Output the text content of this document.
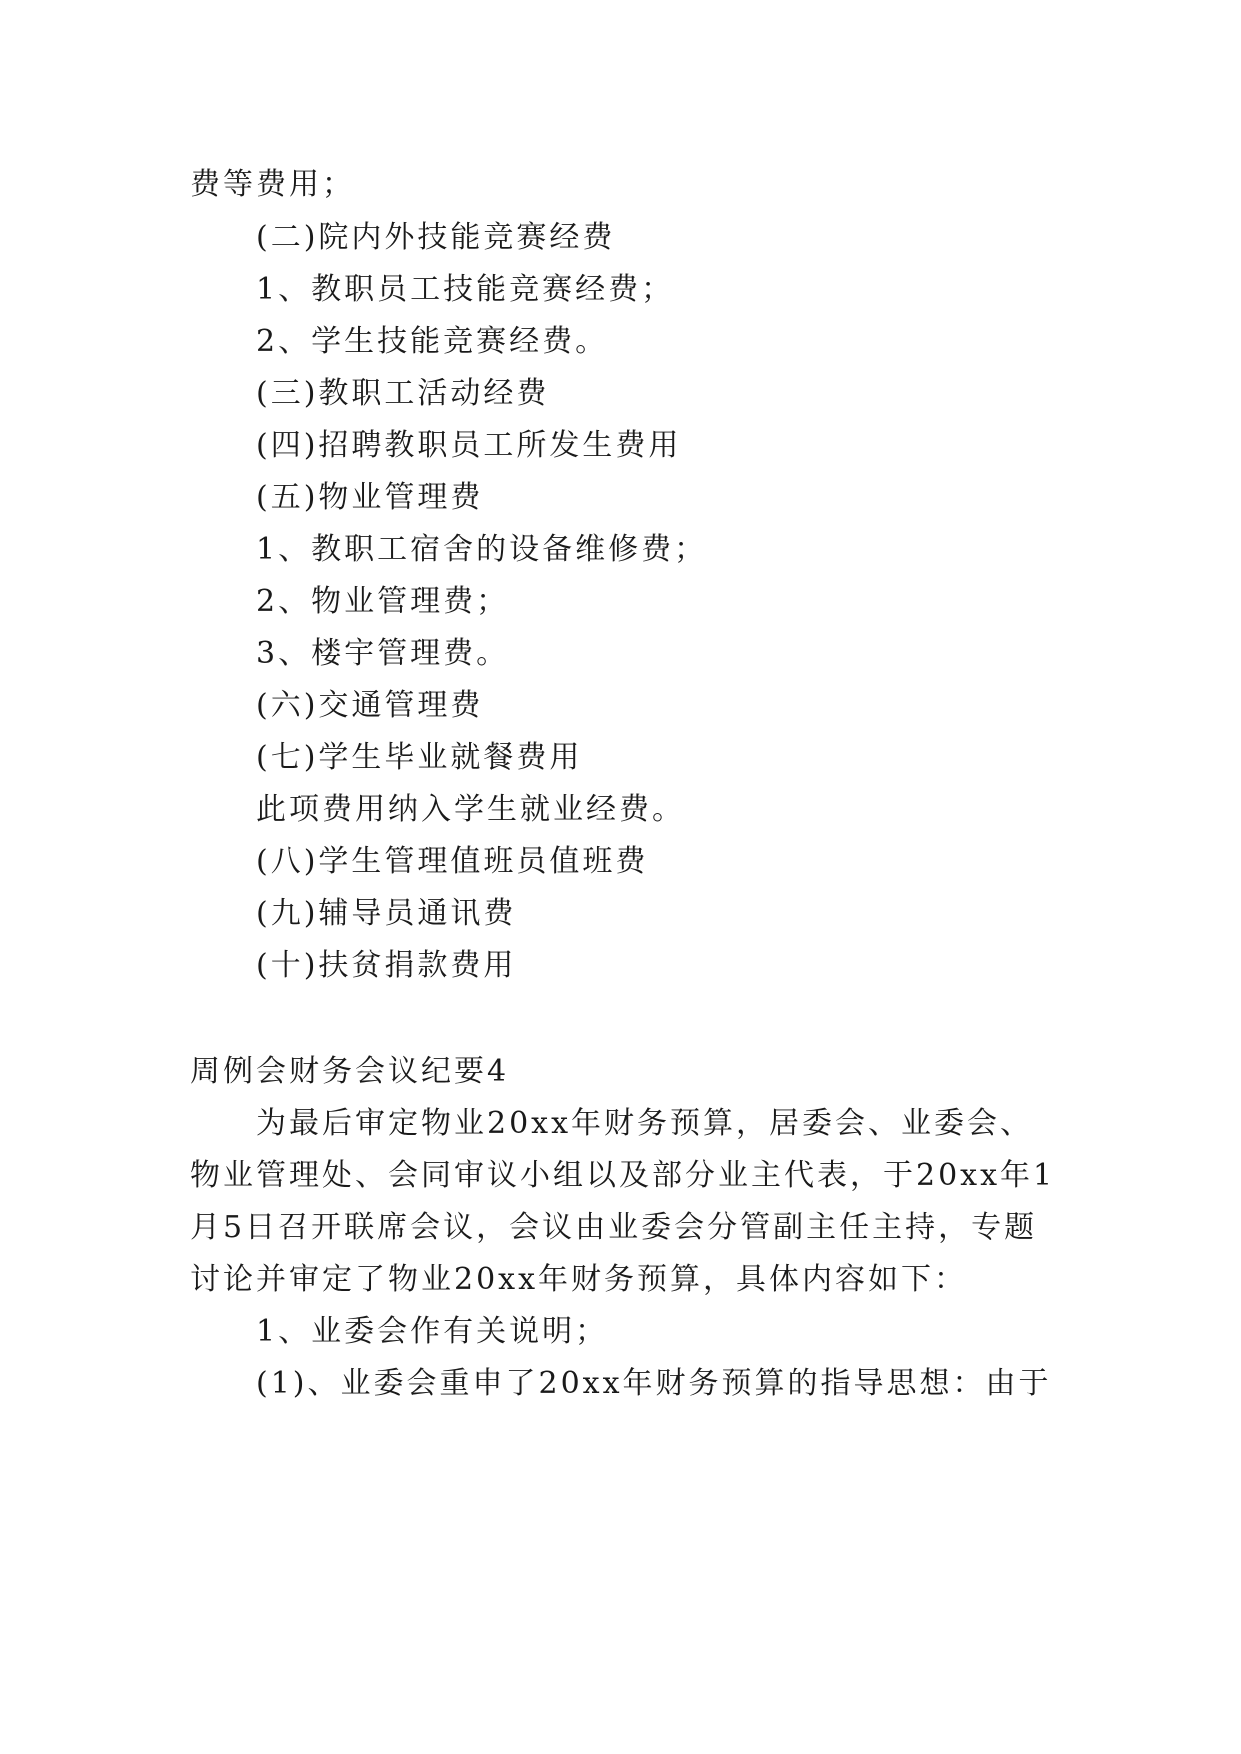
费等费用；
(二)院内外技能竞赛经费
1、教职员工技能竞赛经费；
2、学生技能竞赛经费。
(三)教职工活动经费
(四)招聘教职员工所发生费用
(五)物业管理费
1、教职工宿舍的设备维修费；
2、物业管理费；
3、楼宇管理费。
(六)交通管理费
(七)学生毕业就餐费用
此项费用纳入学生就业经费。
(八)学生管理值班员值班费
(九)辅导员通讯费
(十)扶贫捐款费用
周例会财务会议纪要4
为最后审定物业20xx年财务预算，居委会、业委会、
物业管理处、会同审议小组以及部分业主代表，于20xx年1
月5日召开联席会议，会议由业委会分管副主任主持，专题
讨论并审定了物业20xx年财务预算，具体内容如下：
1、业委会作有关说明；
(1)、业委会重申了20xx年财务预算的指导思想：由于
